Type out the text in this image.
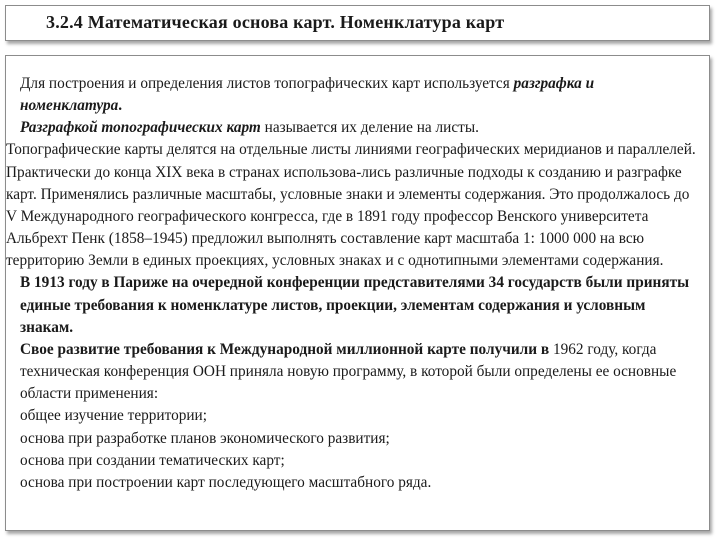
3.2.4 Математическая основа карт. Номенклатура карт

Для построения и определения листов топографических карт используется разграфка и номенклатура.

Разграфкой топографических карт называется их деление на листы.

Топографические карты делятся на отдельные листы линиями географических меридианов и параллелей. Практически до конца XIX века в странах использова-лись различные подходы к созданию и разграфке карт. Применялись различные масштабы, условные знаки и элементы содержания. Это продолжалось до V Международного географического конгресса, где в 1891 году профессор Венского университета Альбрехт Пенк (1858–1945) предложил выполнять составление карт масштаба 1: 1000 000 на всю территорию Земли в единых проекциях, условных знаках и с однотипными элементами содержания.

В 1913 году в Париже на очередной конференции представителями 34 государств были приняты единые требования к номенклатуре листов, проекции, элементам содержания и условным знакам.

Свое развитие требования к Международной миллионной карте получили в 1962 году, когда техническая конференция ООН приняла новую программу, в которой были определены ее основные области применения:

общее изучение территории;
основа при разработке планов экономического развития;
основа при создании тематических карт;
основа при построении карт последующего масштабного ряда.
